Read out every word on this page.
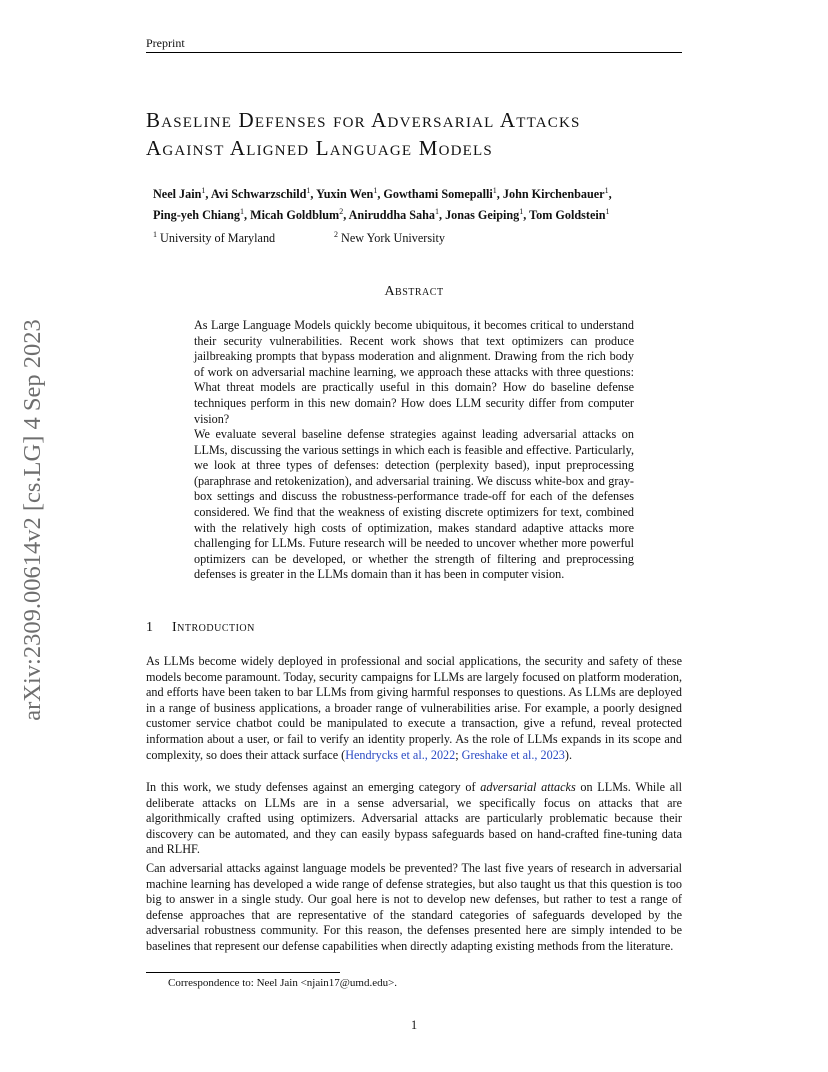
Preprint
arXiv:2309.00614v2 [cs.LG] 4 Sep 2023
Baseline Defenses for Adversarial Attacks
Against Aligned Language Models
Neel Jain$^1$, Avi Schwarzschild$^1$, Yuxin Wen$^1$, Gowthami Somepalli$^1$, John Kirchenbauer$^1$,
Ping-yeh Chiang$^1$, Micah Goldblum$^2$, Aniruddha Saha$^1$, Jonas Geiping$^1$, Tom Goldstein$^1$
$^1$ University of Maryland	$^2$ New York University
Abstract
As Large Language Models quickly become ubiquitous, it becomes critical to understand their security vulnerabilities. Recent work shows that text optimizers can produce jailbreaking prompts that bypass moderation and alignment. Drawing from the rich body of work on adversarial machine learning, we approach these attacks with three questions: What threat models are practically useful in this domain? How do baseline defense techniques perform in this new domain? How does LLM security differ from computer vision?
We evaluate several baseline defense strategies against leading adversarial attacks on LLMs, discussing the various settings in which each is feasible and effective. Particularly, we look at three types of defenses: detection (perplexity based), input preprocessing (paraphrase and retokenization), and adversarial training. We discuss white-box and gray-box settings and discuss the robustness-performance trade-off for each of the defenses considered. We find that the weakness of existing discrete optimizers for text, combined with the relatively high costs of optimization, makes standard adaptive attacks more challenging for LLMs. Future research will be needed to uncover whether more powerful optimizers can be developed, or whether the strength of filtering and preprocessing defenses is greater in the LLMs domain than it has been in computer vision.
1 Introduction
As LLMs become widely deployed in professional and social applications, the security and safety of these models become paramount. Today, security campaigns for LLMs are largely focused on platform moderation, and efforts have been taken to bar LLMs from giving harmful responses to questions. As LLMs are deployed in a range of business applications, a broader range of vulnerabilities arise. For example, a poorly designed customer service chatbot could be manipulated to execute a transaction, give a refund, reveal protected information about a user, or fail to verify an identity properly. As the role of LLMs expands in its scope and complexity, so does their attack surface (Hendrycks et al., 2022; Greshake et al., 2023).
In this work, we study defenses against an emerging category of adversarial attacks on LLMs. While all deliberate attacks on LLMs are in a sense adversarial, we specifically focus on attacks that are algorithmically crafted using optimizers. Adversarial attacks are particularly problematic because their discovery can be automated, and they can easily bypass safeguards based on hand-crafted fine-tuning data and RLHF.
Can adversarial attacks against language models be prevented? The last five years of research in adversarial machine learning has developed a wide range of defense strategies, but also taught us that this question is too big to answer in a single study. Our goal here is not to develop new defenses, but rather to test a range of defense approaches that are representative of the standard categories of safeguards developed by the adversarial robustness community. For this reason, the defenses presented here are simply intended to be baselines that represent our defense capabilities when directly adapting existing methods from the literature.
Correspondence to: Neel Jain <njain17@umd.edu>.
1
